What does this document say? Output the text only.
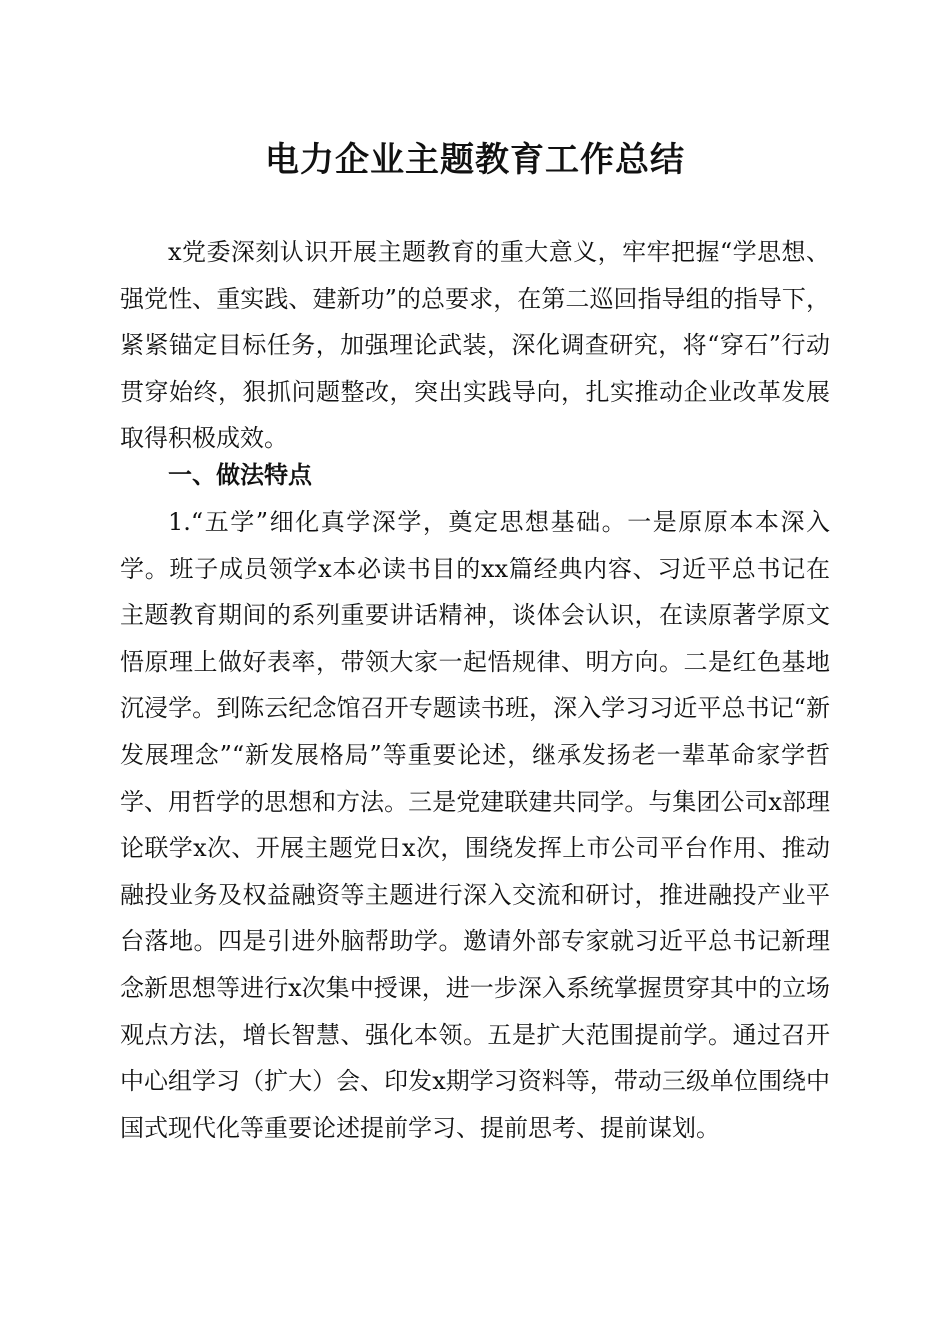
电力企业主题教育工作总结

x党委深刻认识开展主题教育的重大意义，牢牢把握“学思想、强党性、重实践、建新功”的总要求，在第二巡回指导组的指导下，紧紧锚定目标任务，加强理论武装，深化调查研究，将“穿石”行动贯穿始终，狠抓问题整改，突出实践导向，扎实推动企业改革发展取得积极成效。

一、做法特点

1.“五学”细化真学深学，奠定思想基础。一是原原本本深入学。班子成员领学x本必读书目的xx篇经典内容、习近平总书记在主题教育期间的系列重要讲话精神，谈体会认识，在读原著学原文悟原理上做好表率，带领大家一起悟规律、明方向。二是红色基地沉浸学。到陈云纪念馆召开专题读书班，深入学习习近平总书记“新发展理念”“新发展格局”等重要论述，继承发扬老一辈革命家学哲学、用哲学的思想和方法。三是党建联建共同学。与集团公司x部理论联学x次、开展主题党日x次，围绕发挥上市公司平台作用、推动融投业务及权益融资等主题进行深入交流和研讨，推进融投产业平台落地。四是引进外脑帮助学。邀请外部专家就习近平总书记新理念新思想等进行x次集中授课，进一步深入系统掌握贯穿其中的立场观点方法，增长智慧、强化本领。五是扩大范围提前学。通过召开中心组学习（扩大）会、印发x期学习资料等，带动三级单位围绕中国式现代化等重要论述提前学习、提前思考、提前谋划。
